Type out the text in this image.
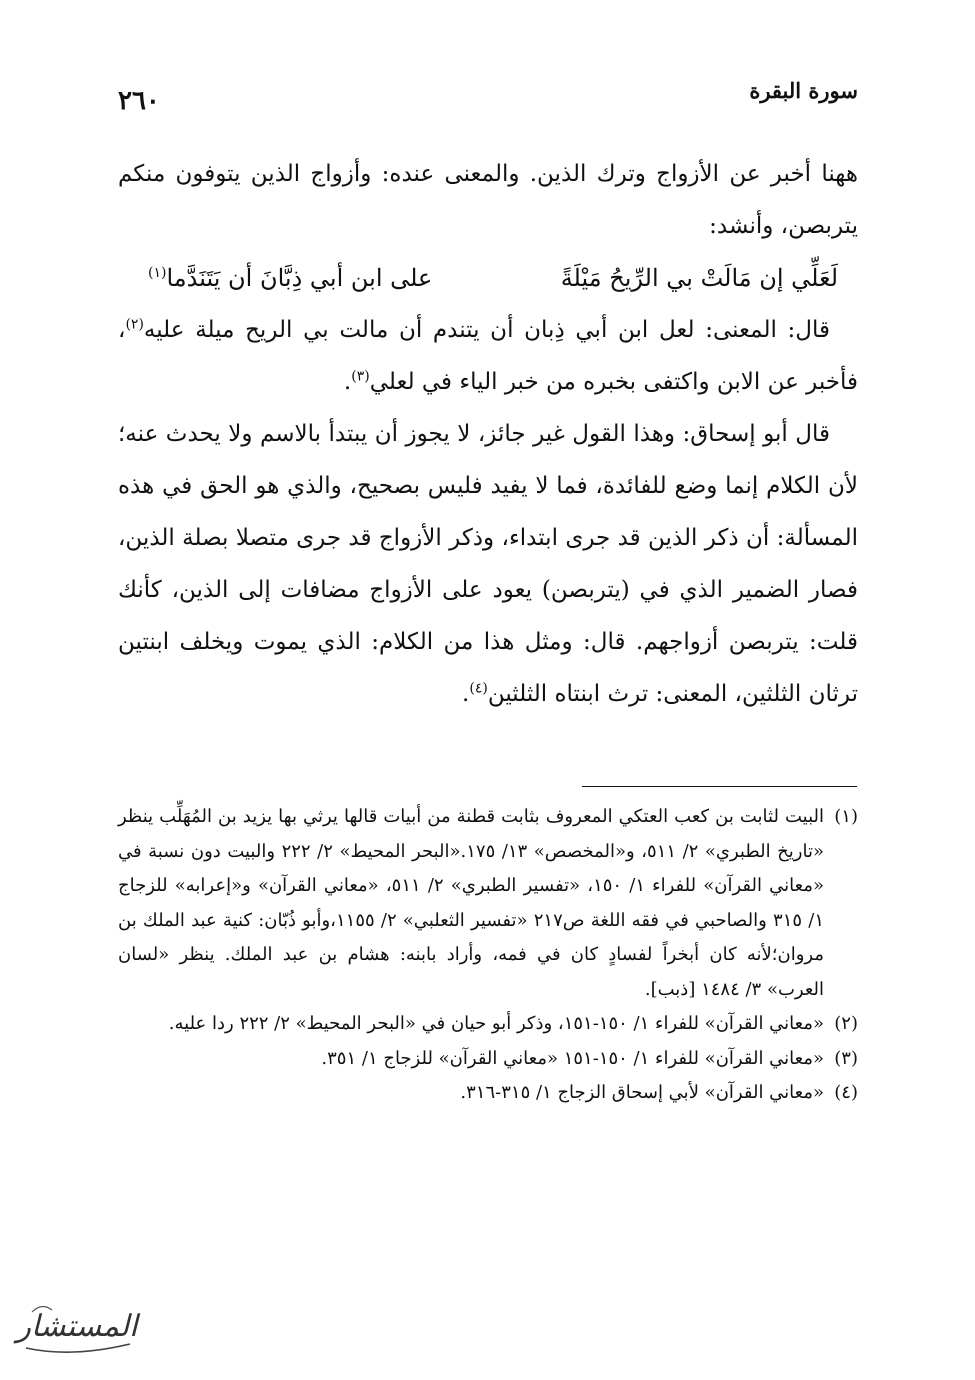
سورة البقرة
٢٦٠

ههنا أخبر عن الأزواج وترك الذين. والمعنى عنده: وأزواج الذين يتوفون منكم يتربصن، وأنشد:

لَعَلِّي إن مَالَتْ بي الرِّيحُ مَيْلَةً
على ابن أبي ذِبَّانَ أن يَتَنَدَّما$^{(١)}$

قال: المعنى: لعل ابن أبي ذِبان أن يتندم أن مالت بي الريح ميلة عليه$^{(٢)}$، فأخبر عن الابن واكتفى بخبره من خبر الياء في لعلي$^{(٣)}$.

قال أبو إسحاق: وهذا القول غير جائز، لا يجوز أن يبتدأ بالاسم ولا يحدث عنه؛ لأن الكلام إنما وضع للفائدة، فما لا يفيد فليس بصحيح، والذي هو الحق في هذه المسألة: أن ذكر الذين قد جرى ابتداء، وذكر الأزواج قد جرى متصلا بصلة الذين، فصار الضمير الذي في (يتربصن) يعود على الأزواج مضافات إلى الذين، كأنك قلت: يتربصن أزواجهم. قال: ومثل هذا من الكلام: الذي يموت ويخلف ابنتين ترثان الثلثين، المعنى: ترث ابنتاه الثلثين$^{(٤)}$.

(١)
البيت لثابت بن كعب العتكي المعروف بثابت قطنة من أبيات قالها يرثي بها يزيد بن المُهَلِّب ينظر «تاريخ الطبري» ٢/ ٥١١، و«المخصص» ١٣/ ١٧٥.«البحر المحيط» ٢/ ٢٢٢ والبيت دون نسبة في «معاني القرآن» للفراء ١/ ١٥٠، «تفسير الطبري» ٢/ ٥١١، «معاني القرآن» و«إعرابه» للزجاج ١/ ٣١٥ والصاحبي في فقه اللغة ص٢١٧ «تفسير الثعلبي» ٢/ ١١٥٥،وأبو ذُبّان: كنية عبد الملك بن مروان؛لأنه كان أبخراً لفسادٍ كان في فمه، وأراد بابنه: هشام بن عبد الملك. ينظر «لسان العرب» ٣/ ١٤٨٤ [ذبب].

(٢)
«معاني القرآن» للفراء ١/ ١٥٠-١٥١، وذكر أبو حيان في «البحر المحيط» ٢/ ٢٢٢ ردا عليه.

(٣)
«معاني القرآن» للفراء ١/ ١٥٠-١٥١ «معاني القرآن» للزجاج ١/ ٣٥١.

(٤)
«معاني القرآن» لأبي إسحاق الزجاج ١/ ٣١٥-٣١٦.

المستشار
